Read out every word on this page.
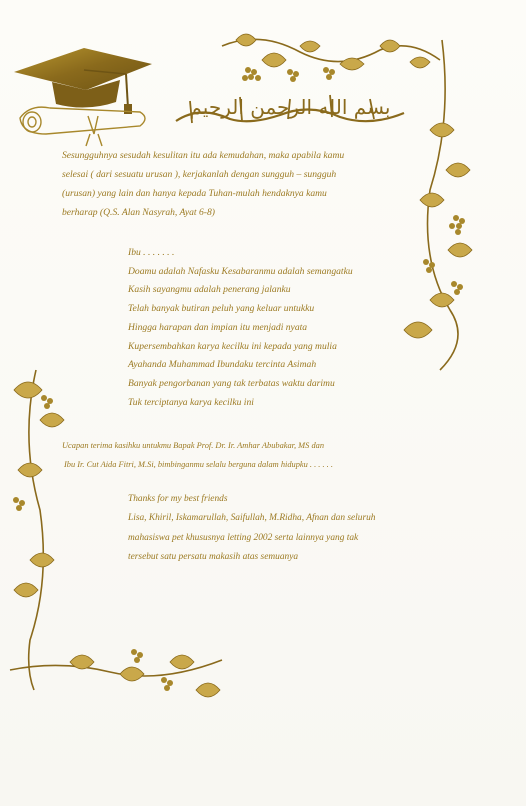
بسم الله الرحمن الرحيم
Sesungguhnya sesudah kesulitan itu ada kemudahan, maka apabila kamu
selesai ( dari sesuatu urusan ), kerjakanlah dengan sungguh – sungguh
(urusan) yang lain dan hanya kepada Tuhan-mulah hendaknya kamu
berharap (Q.S. Alan Nasyrah, Ayat 6-8)
Ibu . . . . . . .
Doamu adalah Nafasku Kesabaranmu adalah semangatku
Kasih sayangmu adalah penerang jalanku
Telah banyak butiran peluh yang keluar untukku
Hingga harapan dan impian itu menjadi nyata
Kupersembahkan karya kecilku ini kepada yang mulia
Ayahanda Muhammad Ibundaku tercinta Asimah
Banyak pengorbanan yang tak terbatas waktu darimu
Tuk terciptanya karya kecilku ini
Ucapan terima kasihku untukmu Bapak Prof. Dr. Ir. Amhar Abubakar, MS dan
Ibu Ir. Cut Aida Fitri, M.Si, bimbinganmu selalu berguna dalam hidupku . . . . . .
Thanks for my best friends
Lisa, Khiril, Iskamarullah, Saifullah, M.Ridha, Afnan dan seluruh
mahasiswa pet khususnya letting 2002 serta lainnya yang tak
tersebut satu persatu makasih atas semuanya
